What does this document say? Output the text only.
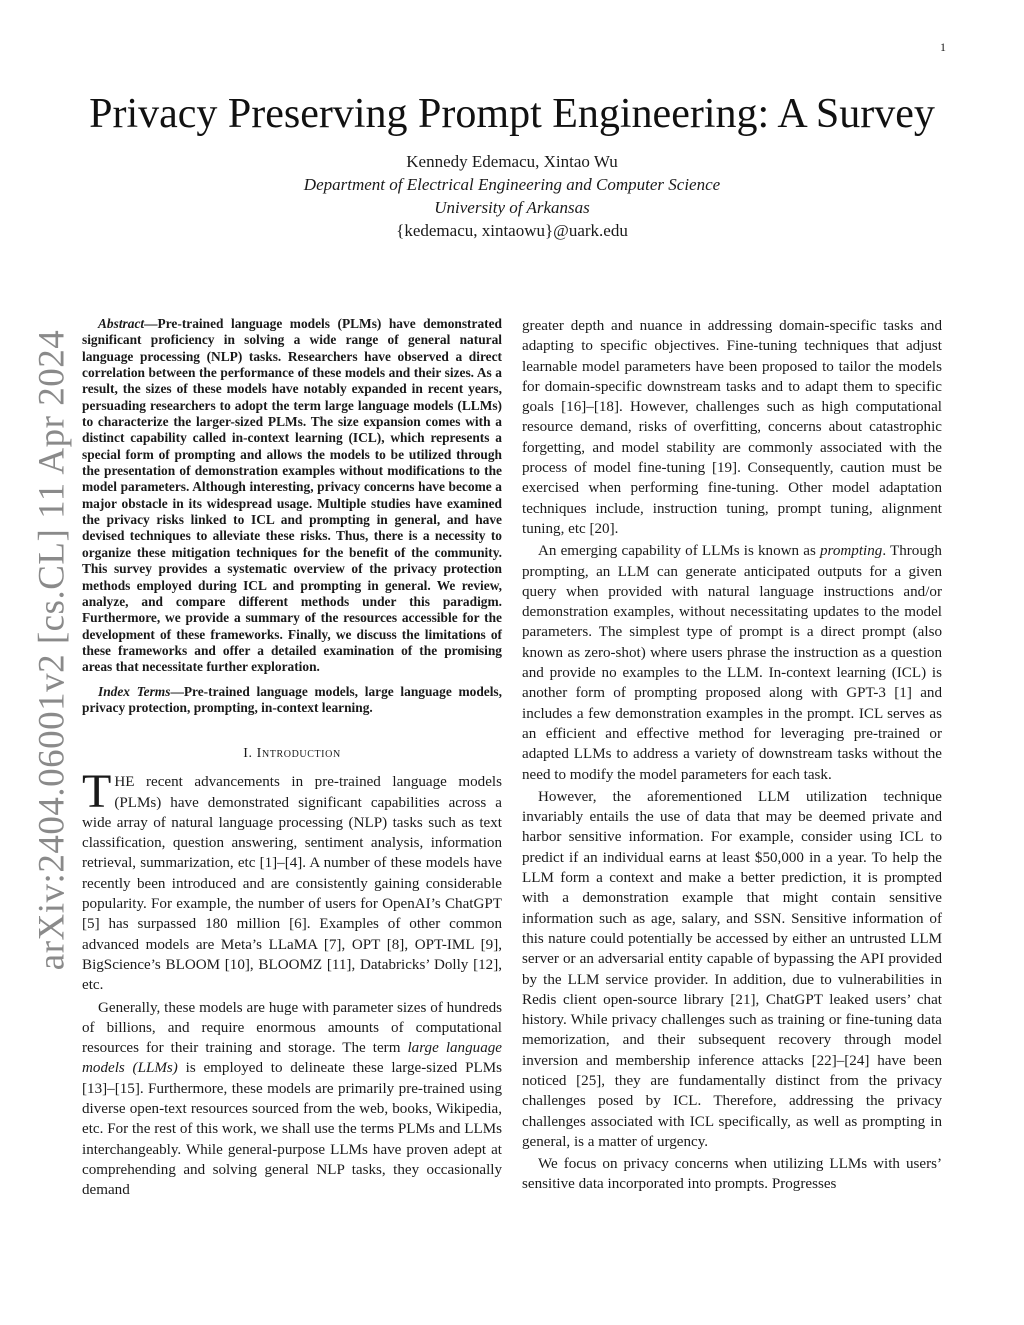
1
arXiv:2404.06001v2 [cs.CL] 11 Apr 2024
Privacy Preserving Prompt Engineering: A Survey
Kennedy Edemacu, Xintao Wu
Department of Electrical Engineering and Computer Science
University of Arkansas
{kedemacu, xintaowu}@uark.edu

Abstract—Pre-trained language models (PLMs) have demonstrated significant proficiency in solving a wide range of general natural language processing (NLP) tasks. Researchers have observed a direct correlation between the performance of these models and their sizes. As a result, the sizes of these models have notably expanded in recent years, persuading researchers to adopt the term large language models (LLMs) to characterize the larger-sized PLMs. The size expansion comes with a distinct capability called in-context learning (ICL), which represents a special form of prompting and allows the models to be utilized through the presentation of demonstration examples without modifications to the model parameters. Although interesting, privacy concerns have become a major obstacle in its widespread usage. Multiple studies have examined the privacy risks linked to ICL and prompting in general, and have devised techniques to alleviate these risks. Thus, there is a necessity to organize these mitigation techniques for the benefit of the community. This survey provides a systematic overview of the privacy protection methods employed during ICL and prompting in general. We review, analyze, and compare different methods under this paradigm. Furthermore, we provide a summary of the resources accessible for the development of these frameworks. Finally, we discuss the limitations of these frameworks and offer a detailed examination of the promising areas that necessitate further exploration.

Index Terms—Pre-trained language models, large language models, privacy protection, prompting, in-context learning.

I. Introduction

THE recent advancements in pre-trained language models (PLMs) have demonstrated significant capabilities across a wide array of natural language processing (NLP) tasks such as text classification, question answering, sentiment analysis, information retrieval, summarization, etc [1]–[4]. A number of these models have recently been introduced and are consistently gaining considerable popularity. For example, the number of users for OpenAI’s ChatGPT [5] has surpassed 180 million [6]. Examples of other common advanced models are Meta’s LLaMA [7], OPT [8], OPT-IML [9], BigScience’s BLOOM [10], BLOOMZ [11], Databricks’ Dolly [12], etc.

Generally, these models are huge with parameter sizes of hundreds of billions, and require enormous amounts of computational resources for their training and storage. The term large language models (LLMs) is employed to delineate these large-sized PLMs [13]–[15]. Furthermore, these models are primarily pre-trained using diverse open-text resources sourced from the web, books, Wikipedia, etc. For the rest of this work, we shall use the terms PLMs and LLMs interchangeably. While general-purpose LLMs have proven adept at comprehending and solving general NLP tasks, they occasionally demand

greater depth and nuance in addressing domain-specific tasks and adapting to specific objectives. Fine-tuning techniques that adjust learnable model parameters have been proposed to tailor the models for domain-specific downstream tasks and to adapt them to specific goals [16]–[18]. However, challenges such as high computational resource demand, risks of overfitting, concerns about catastrophic forgetting, and model stability are commonly associated with the process of model fine-tuning [19]. Consequently, caution must be exercised when performing fine-tuning. Other model adaptation techniques include, instruction tuning, prompt tuning, alignment tuning, etc [20].

An emerging capability of LLMs is known as prompting. Through prompting, an LLM can generate anticipated outputs for a given query when provided with natural language instructions and/or demonstration examples, without necessitating updates to the model parameters. The simplest type of prompt is a direct prompt (also known as zero-shot) where users phrase the instruction as a question and provide no examples to the LLM. In-context learning (ICL) is another form of prompting proposed along with GPT-3 [1] and includes a few demonstration examples in the prompt. ICL serves as an efficient and effective method for leveraging pre-trained or adapted LLMs to address a variety of downstream tasks without the need to modify the model parameters for each task.

However, the aforementioned LLM utilization technique invariably entails the use of data that may be deemed private and harbor sensitive information. For example, consider using ICL to predict if an individual earns at least $50,000 in a year. To help the LLM form a context and make a better prediction, it is prompted with a demonstration example that might contain sensitive information such as age, salary, and SSN. Sensitive information of this nature could potentially be accessed by either an untrusted LLM server or an adversarial entity capable of bypassing the API provided by the LLM service provider. In addition, due to vulnerabilities in Redis client open-source library [21], ChatGPT leaked users’ chat history. While privacy challenges such as training or fine-tuning data memorization, and their subsequent recovery through model inversion and membership inference attacks [22]–[24] have been noticed [25], they are fundamentally distinct from the privacy challenges posed by ICL. Therefore, addressing the privacy challenges associated with ICL specifically, as well as prompting in general, is a matter of urgency.

We focus on privacy concerns when utilizing LLMs with users’ sensitive data incorporated into prompts. Progresses
